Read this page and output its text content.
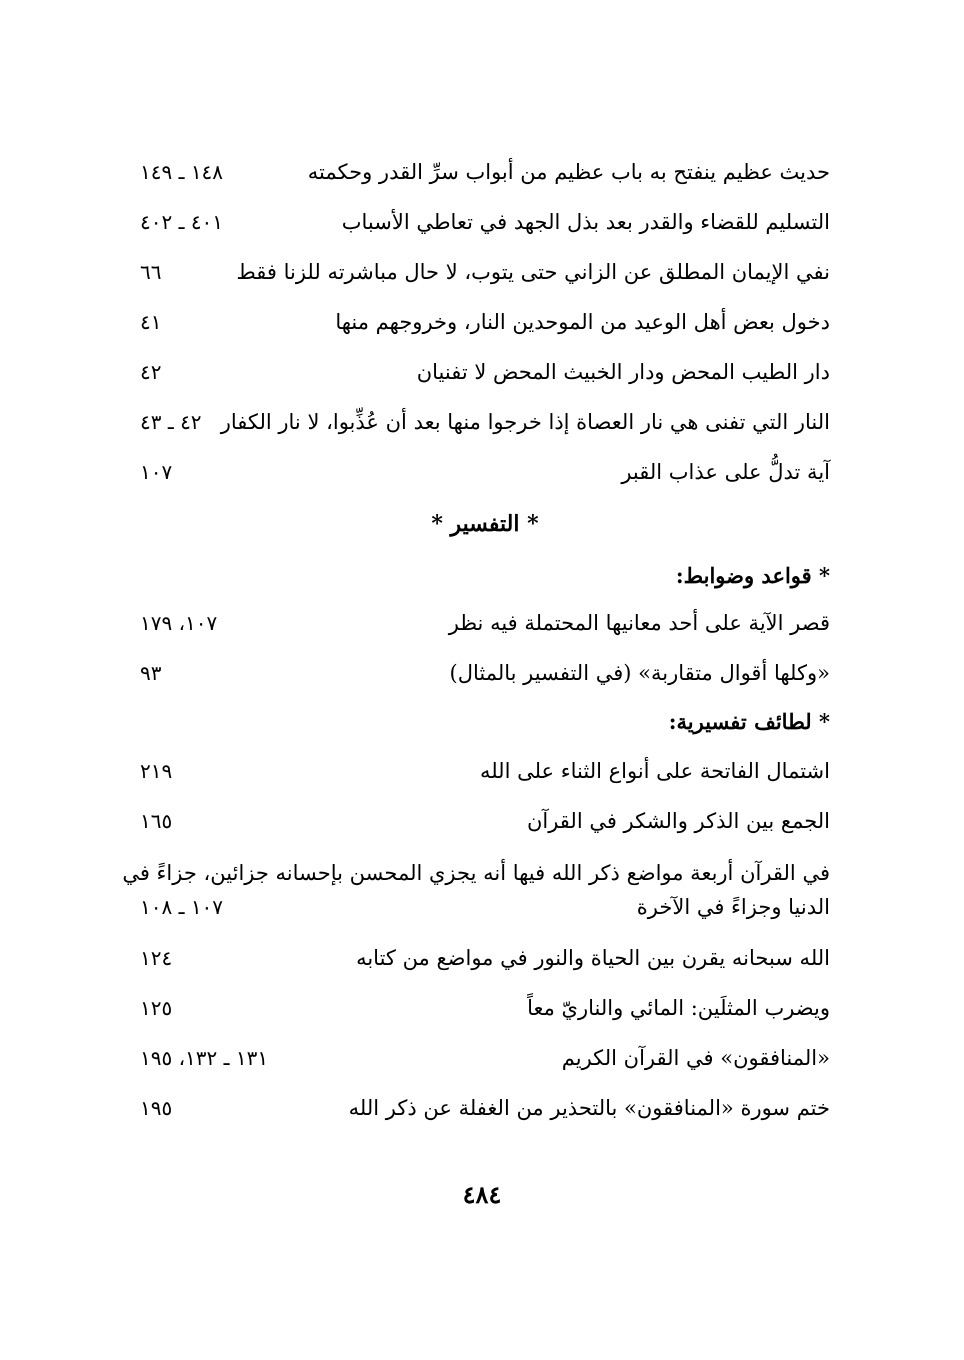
حديث عظيم ينفتح به باب عظيم من أبواب سرِّ القدر وحكمته
١٤٨ ـ ١٤٩
التسليم للقضاء والقدر بعد بذل الجهد في تعاطي الأسباب
٤٠١ ـ ٤٠٢
نفي الإيمان المطلق عن الزاني حتى يتوب، لا حال مباشرته للزنا فقط
٦٦
دخول بعض أهل الوعيد من الموحدين النار، وخروجهم منها
٤١
دار الطيب المحض ودار الخبيث المحض لا تفنيان
٤٢
النار التي تفنى هي نار العصاة إذا خرجوا منها بعد أن عُذِّبوا، لا نار الكفار
٤٢ ـ ٤٣
آية تدلُّ على عذاب القبر
١٠٧
* التفسير *
* قواعد وضوابط:
قصر الآية على أحد معانيها المحتملة فيه نظر
١٠٧، ١٧٩
«وكلها أقوال متقاربة» (في التفسير بالمثال)
٩٣
* لطائف تفسيرية:
اشتمال الفاتحة على أنواع الثناء على الله
٢١٩
الجمع بين الذكر والشكر في القرآن
١٦٥
في القرآن أربعة مواضع ذكر الله فيها أنه يجزي المحسن بإحسانه جزائين، جزاءً في
الدنيا وجزاءً في الآخرة
١٠٧ ـ ١٠٨
الله سبحانه يقرن بين الحياة والنور في مواضع من كتابه
١٢٤
ويضرب المثلَين: المائي والناريّ معاً
١٢٥
«المنافقون» في القرآن الكريم
١٣١ ـ ١٣٢، ١٩٥
ختم سورة «المنافقون» بالتحذير من الغفلة عن ذكر الله
١٩٥
٤٨٤
